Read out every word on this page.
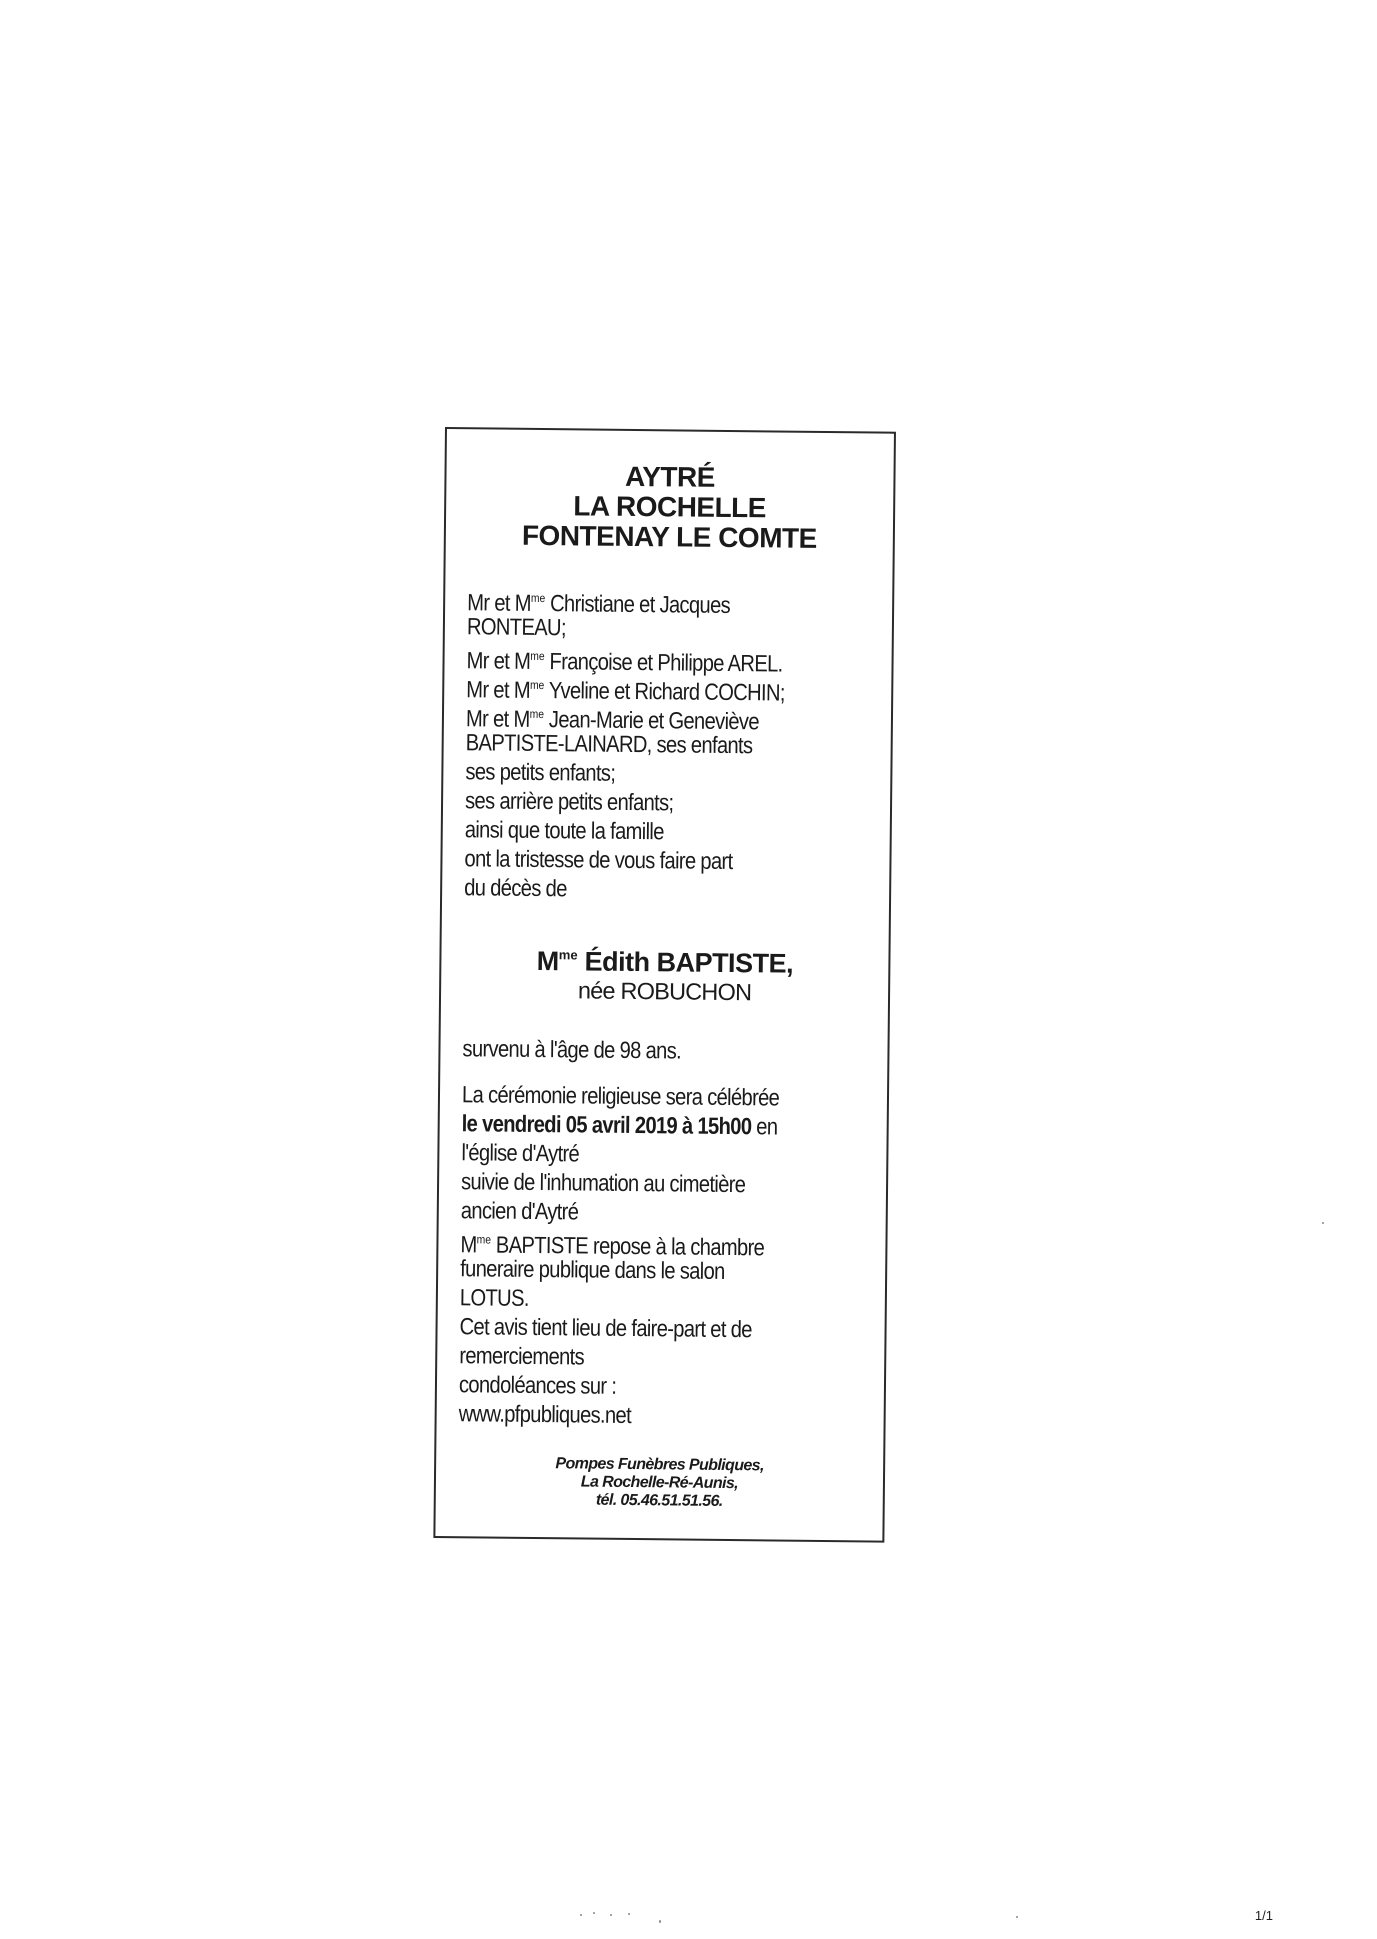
AYTRÉ
LA ROCHELLE
FONTENAY LE COMTE
Mr et $M^{me}$ Christiane et Jacques
RONTEAU;
Mr et $M^{me}$ Françoise et Philippe AREL.
Mr et $M^{me}$ Yveline et Richard COCHIN;
Mr et $M^{me}$ Jean-Marie et Geneviève
BAPTISTE-LAINARD, ses enfants
ses petits enfants;
ses arrière petits enfants;
ainsi que toute la famille
ont la tristesse de vous faire part
du décès de
$M^{me}$ Édith BAPTISTE,
née ROBUCHON
survenu à l'âge de 98 ans.
La cérémonie religieuse sera célébrée
le vendredi 05 avril 2019 à 15h00 en
l'église d'Aytré
suivie de l'inhumation au cimetière
ancien d'Aytré
$M^{me}$ BAPTISTE repose à la chambre
funeraire publique dans le salon
LOTUS.
Cet avis tient lieu de faire-part et de
remerciements
condoléances sur :
www.pfpubliques.net
Pompes Funèbres Publiques,
La Rochelle-Ré-Aunis,
tél. 05.46.51.51.56.
1/1
